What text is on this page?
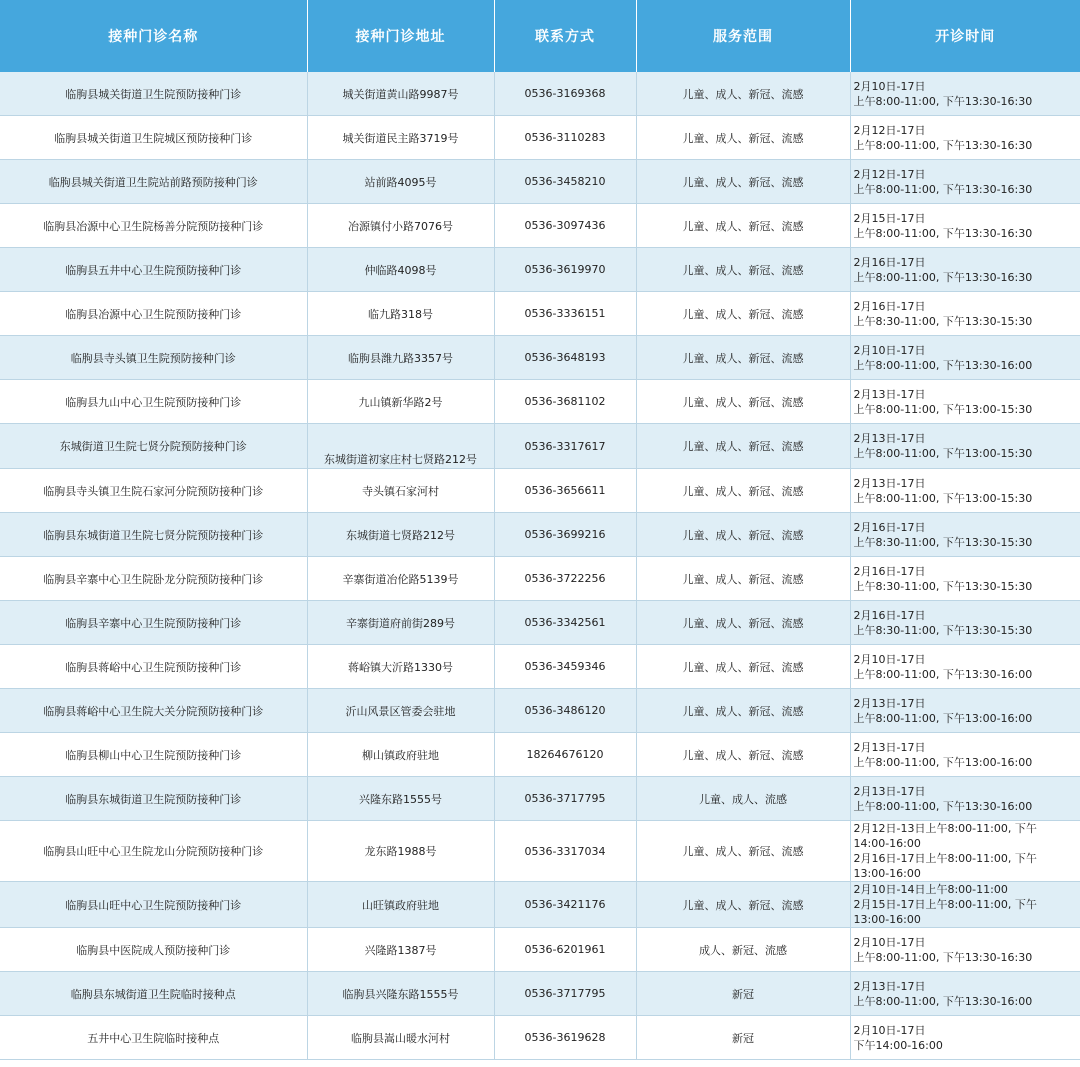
接种门诊名称	接种门诊地址	联系方式	服务范围	开诊时间
临朐县城关街道卫生院预防接种门诊	城关街道黄山路9987号	0536-3169368	儿童、成人、新冠、流感	2月10日-17日
上午8:00-11:00, 下午13:30-16:30
临朐县城关街道卫生院城区预防接种门诊	城关街道民主路3719号	0536-3110283	儿童、成人、新冠、流感	2月12日-17日
上午8:00-11:00, 下午13:30-16:30
临朐县城关街道卫生院站前路预防接种门诊	站前路4095号	0536-3458210	儿童、成人、新冠、流感	2月12日-17日
上午8:00-11:00, 下午13:30-16:30
临朐县冶源中心卫生院杨善分院预防接种门诊	冶源镇付小路7076号	0536-3097436	儿童、成人、新冠、流感	2月15日-17日
上午8:00-11:00, 下午13:30-16:30
临朐县五井中心卫生院预防接种门诊	仲临路4098号	0536-3619970	儿童、成人、新冠、流感	2月16日-17日
上午8:00-11:00, 下午13:30-16:30
临朐县冶源中心卫生院预防接种门诊	临九路318号	0536-3336151	儿童、成人、新冠、流感	2月16日-17日
上午8:30-11:00, 下午13:30-15:30
临朐县寺头镇卫生院预防接种门诊	临朐县潍九路3357号	0536-3648193	儿童、成人、新冠、流感	2月10日-17日
上午8:00-11:00, 下午13:30-16:00
临朐县九山中心卫生院预防接种门诊	九山镇新华路2号	0536-3681102	儿童、成人、新冠、流感	2月13日-17日
上午8:00-11:00, 下午13:00-15:30
东城街道卫生院七贤分院预防接种门诊	东城街道初家庄村七贤路212号	0536-3317617	儿童、成人、新冠、流感	2月13日-17日
上午8:00-11:00, 下午13:00-15:30
临朐县寺头镇卫生院石家河分院预防接种门诊	寺头镇石家河村	0536-3656611	儿童、成人、新冠、流感	2月13日-17日
上午8:00-11:00, 下午13:00-15:30
临朐县东城街道卫生院七贤分院预防接种门诊	东城街道七贤路212号	0536-3699216	儿童、成人、新冠、流感	2月16日-17日
上午8:30-11:00, 下午13:30-15:30
临朐县辛寨中心卫生院卧龙分院预防接种门诊	辛寨街道冶伦路5139号	0536-3722256	儿童、成人、新冠、流感	2月16日-17日
上午8:30-11:00, 下午13:30-15:30
临朐县辛寨中心卫生院预防接种门诊	辛寨街道府前街289号	0536-3342561	儿童、成人、新冠、流感	2月16日-17日
上午8:30-11:00, 下午13:30-15:30
临朐县蒋峪中心卫生院预防接种门诊	蒋峪镇大沂路1330号	0536-3459346	儿童、成人、新冠、流感	2月10日-17日
上午8:00-11:00, 下午13:30-16:00
临朐县蒋峪中心卫生院大关分院预防接种门诊	沂山风景区管委会驻地	0536-3486120	儿童、成人、新冠、流感	2月13日-17日
上午8:00-11:00, 下午13:00-16:00
临朐县柳山中心卫生院预防接种门诊	柳山镇政府驻地	18264676120	儿童、成人、新冠、流感	2月13日-17日
上午8:00-11:00, 下午13:00-16:00
临朐县东城街道卫生院预防接种门诊	兴隆东路1555号	0536-3717795	儿童、成人、流感	2月13日-17日
上午8:00-11:00, 下午13:30-16:00
临朐县山旺中心卫生院龙山分院预防接种门诊	龙东路1988号	0536-3317034	儿童、成人、新冠、流感	2月12日-13日上午8:00-11:00, 下午
14:00-16:00
2月16日-17日上午8:00-11:00, 下午
13:00-16:00
临朐县山旺中心卫生院预防接种门诊	山旺镇政府驻地	0536-3421176	儿童、成人、新冠、流感	2月10日-14日上午8:00-11:00
2月15日-17日上午8:00-11:00, 下午
13:00-16:00
临朐县中医院成人预防接种门诊	兴隆路1387号	0536-6201961	成人、新冠、流感	2月10日-17日
上午8:00-11:00, 下午13:30-16:30
临朐县东城街道卫生院临时接种点	临朐县兴隆东路1555号	0536-3717795	新冠	2月13日-17日
上午8:00-11:00, 下午13:30-16:00
五井中心卫生院临时接种点	临朐县嵩山暖水河村	0536-3619628	新冠	2月10日-17日
下午14:00-16:00
